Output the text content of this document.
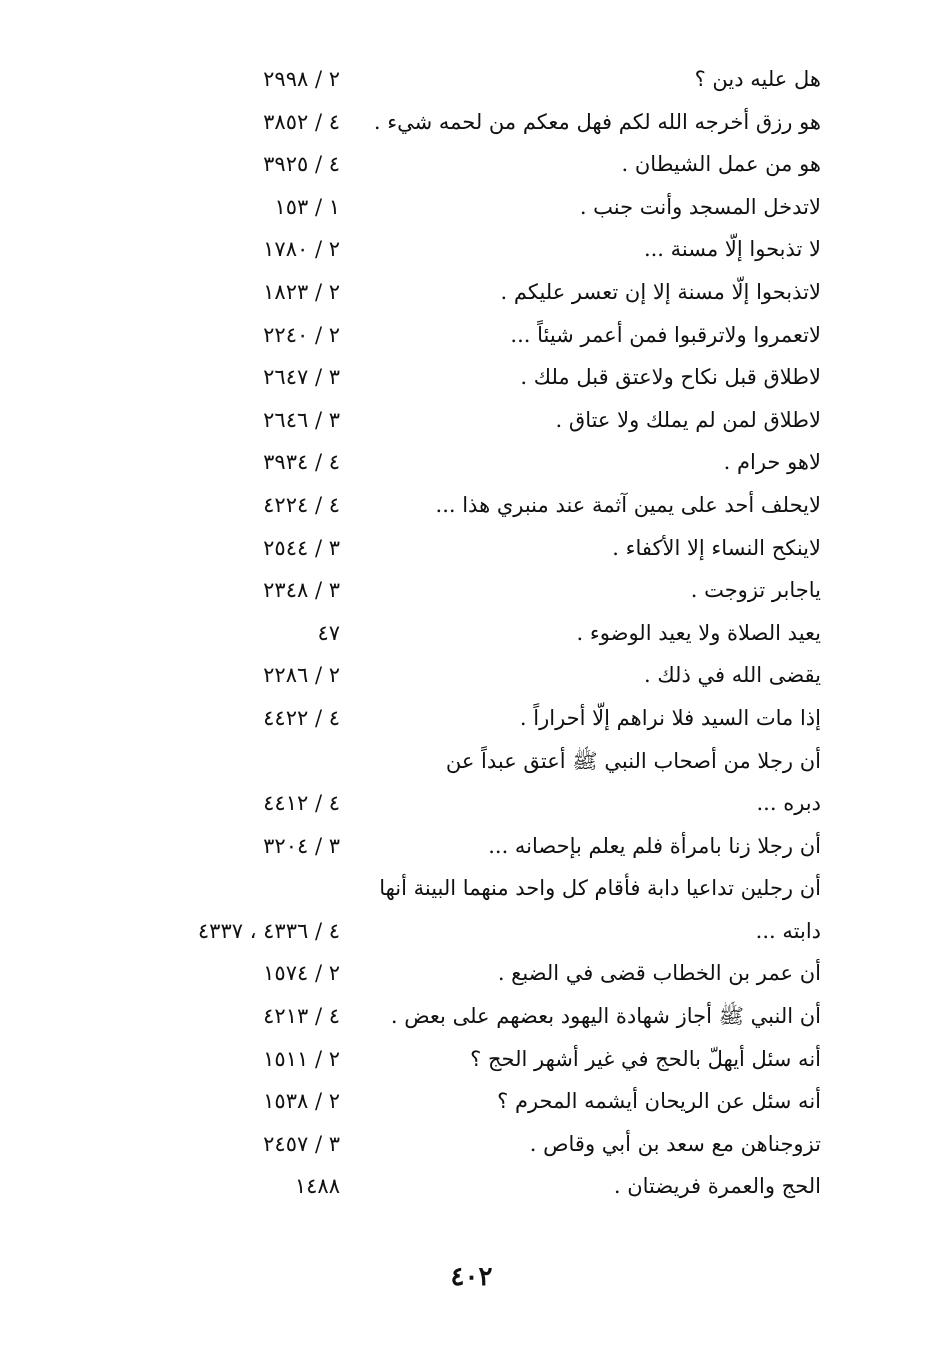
هل عليه دين ؟
٢ / ٢٩٩٨
هو رزق أخرجه الله لكم فهل معكم من لحمه شيء .
٤ / ٣٨٥٢
هو من عمل الشيطان .
٤ / ٣٩٢٥
لاتدخل المسجد وأنت جنب .
١ / ١٥٣
لا تذبحوا إلّا مسنة ...
٢ / ١٧٨٠
لاتذبحوا إلّا مسنة إلا إن تعسر عليكم .
٢ / ١٨٢٣
لاتعمروا ولاترقبوا فمن أعمر شيئاً ...
٢ / ٢٢٤٠
لاطلاق قبل نكاح ولاعتق قبل ملك .
٣ / ٢٦٤٧
لاطلاق لمن لم يملك ولا عتاق .
٣ / ٢٦٤٦
لاهو حرام .
٤ / ٣٩٣٤
لايحلف أحد على يمين آثمة عند منبري هذا ...
٤ / ٤٢٢٤
لاينكح النساء إلا الأكفاء .
٣ / ٢٥٤٤
ياجابر تزوجت .
٣ / ٢٣٤٨
يعيد الصلاة ولا يعيد الوضوء .
٤٧
يقضى الله في ذلك .
٢ / ٢٢٨٦
إذا مات السيد فلا نراهم إلّا أحراراً .
٤ / ٤٤٢٢
أن رجلا من أصحاب النبي ﷺ أعتق عبداً عن
دبره ...
٤ / ٤٤١٢
أن رجلا زنا بامرأة فلم يعلم بإحصانه ...
٣ / ٣٢٠٤
أن رجلين تداعيا دابة فأقام كل واحد منهما البينة أنها
دابته ...
٤ / ٤٣٣٦ ، ٤٣٣٧
أن عمر بن الخطاب قضى في الضبع .
٢ / ١٥٧٤
أن النبي ﷺ أجاز شهادة اليهود بعضهم على بعض .
٤ / ٤٢١٣
أنه سئل أيهلّ بالحج في غير أشهر الحج ؟
٢ / ١٥١١
أنه سئل عن الريحان أيشمه المحرم ؟
٢ / ١٥٣٨
تزوجناهن مع سعد بن أبي وقاص .
٣ / ٢٤٥٧
الحج والعمرة فريضتان .
١٤٨٨
٤٠٢
